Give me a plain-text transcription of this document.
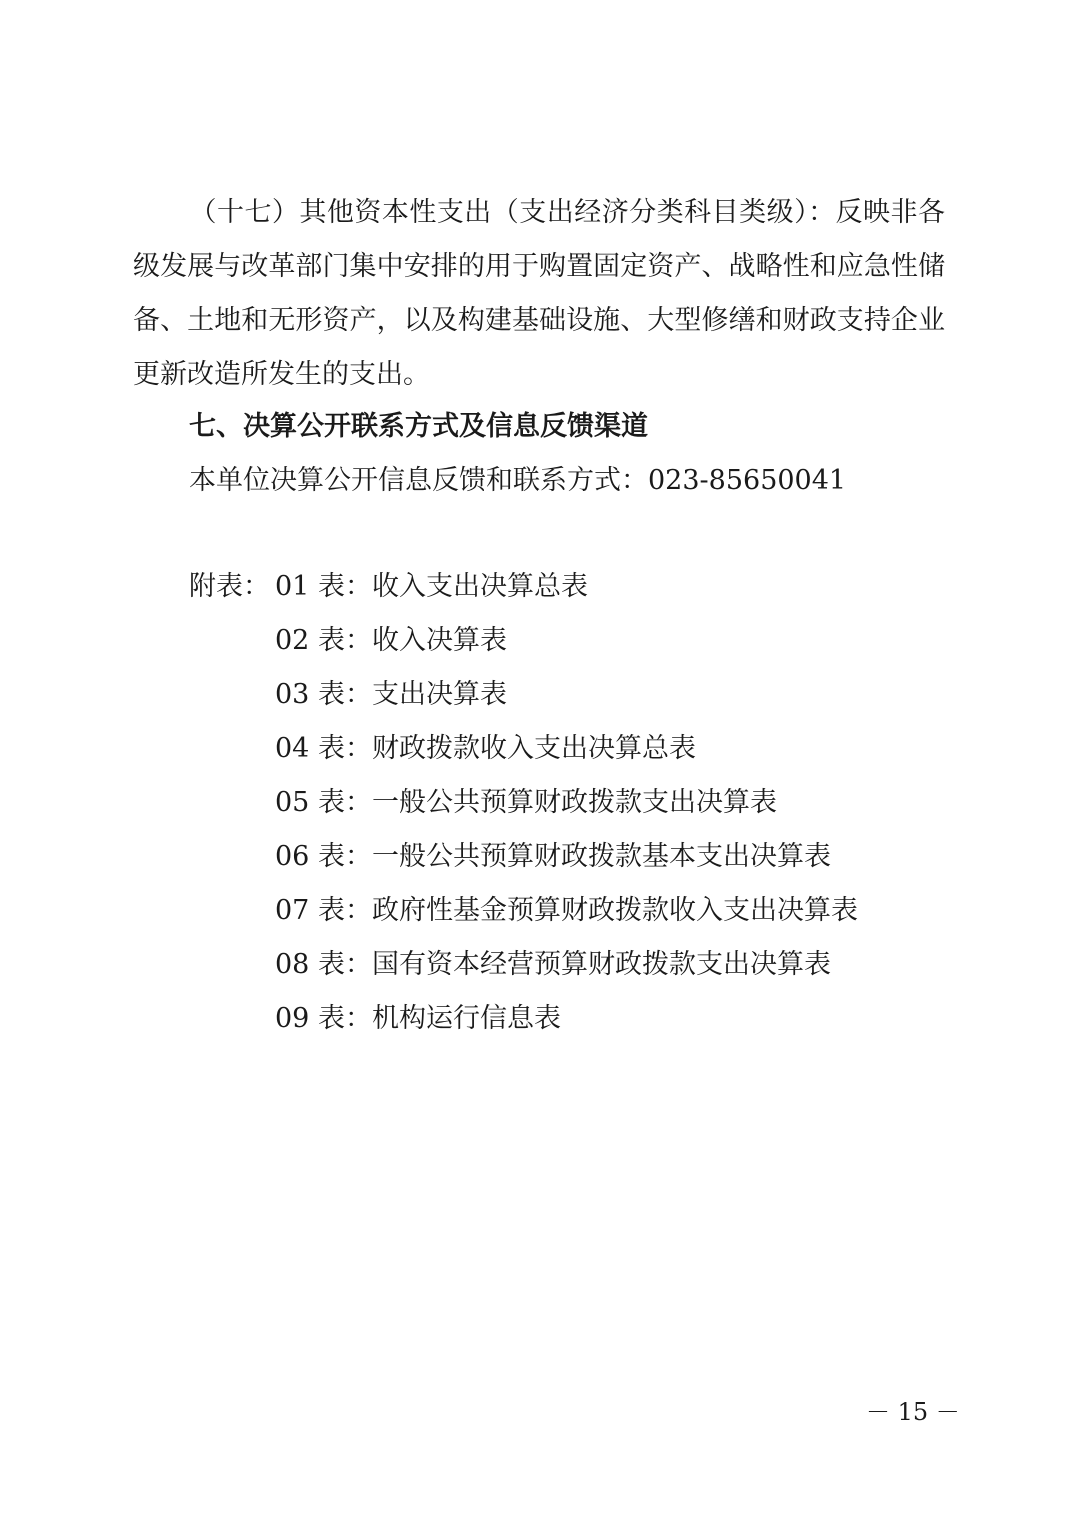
（十七）其他资本性支出（支出经济分类科目类级）：反映非各级发展与改革部门集中安排的用于购置固定资产、战略性和应急性储备、土地和无形资产，以及构建基础设施、大型修缮和财政支持企业更新改造所发生的支出。

七、决算公开联系方式及信息反馈渠道
本单位决算公开信息反馈和联系方式：023-85650041
附表： 01 表： 收入支出决算总表
02 表： 收入决算表
03 表： 支出决算表
04 表： 财政拨款收入支出决算总表
05 表： 一般公共预算财政拨款支出决算表
06 表： 一般公共预算财政拨款基本支出决算表
07 表： 政府性基金预算财政拨款收入支出决算表
08 表： 国有资本经营预算财政拨款支出决算表
09 表： 机构运行信息表
－ 15 －
